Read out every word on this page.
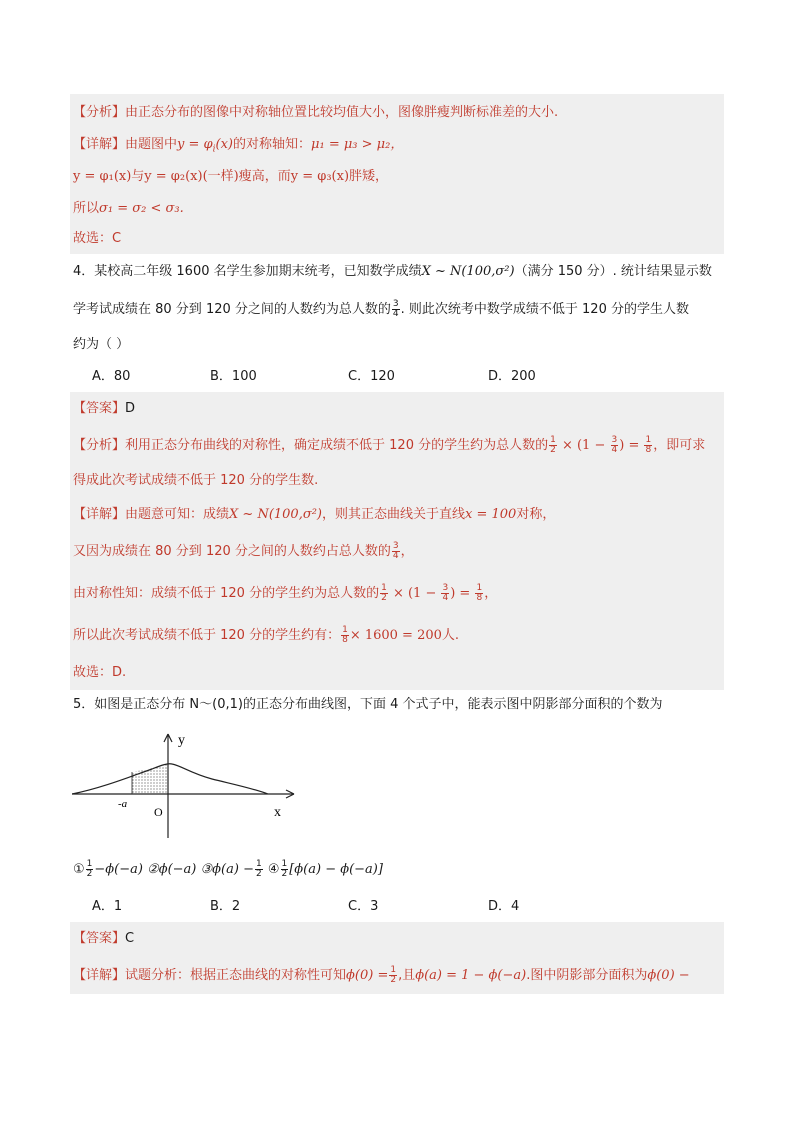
【分析】由正态分布的图像中对称轴位置比较均值大小，图像胖瘦判断标准差的大小.
【详解】由题图中$y = \varphi_i(x)$的对称轴知：μ₁ = μ₃ > μ₂，
y = φ₁(x)与y = φ₂(x)(一样)瘦高，而y = φ₃(x)胖矮，
所以σ₁ = σ₂ < σ₃.
故选：C
4．某校高二年级 1600 名学生参加期末统考，已知数学成绩X ~ N(100,σ²)（满分 150 分）. 统计结果显示数
学考试成绩在 80 分到 120 分之间的人数约为总人数的 $\frac{3}{4}$ . 则此次统考中数学成绩不低于 120 分的学生人数
约为（ ）
A．80	B．100	C．120	D．200
【答案】D
【分析】利用正态分布曲线的对称性，确定成绩不低于 120 分的学生约为总人数的 $\frac{1}{2} \times (1 - \frac{3}{4}$ ) = $\frac{1}{8}$ ，即可求
得成此次考试成绩不低于 120 分的学生数.
【详解】由题意可知：成绩X ~ N(100,σ²)，则其正态曲线关于直线x = 100对称，
又因为成绩在 80 分到 120 分之间的人数约占总人数的 $\frac{3}{4}$ ，
由对称性知：成绩不低于 120 分的学生约为总人数的 $\frac{1}{2} \times (1 - \frac{3}{4}$ ) = $\frac{1}{8}$ ，
所以此次考试成绩不低于 120 分的学生约有： $\frac{1}{8} \times 1600 = 200$人.
故选：D.
5．如图是正态分布 N～(0,1)的正态分布曲线图，下面 4 个式子中，能表示图中阴影部分面积的个数为
y
x
O
-a
① $\frac{1}{2} -\phi(-a)$ ②ϕ(−a) ③ϕ(a) − $\frac{1}{2}$ ④ $\frac{1}{2} [\phi(a) - \phi(-a)]$
A．1	B．2	C．3	D．4
【答案】C
【详解】试题分析：根据正态曲线的对称性可知$\phi(0) = \frac{1}{2}$ ,且ϕ(a) = 1 − ϕ(−a).图中阴影部分面积为ϕ(0) −
